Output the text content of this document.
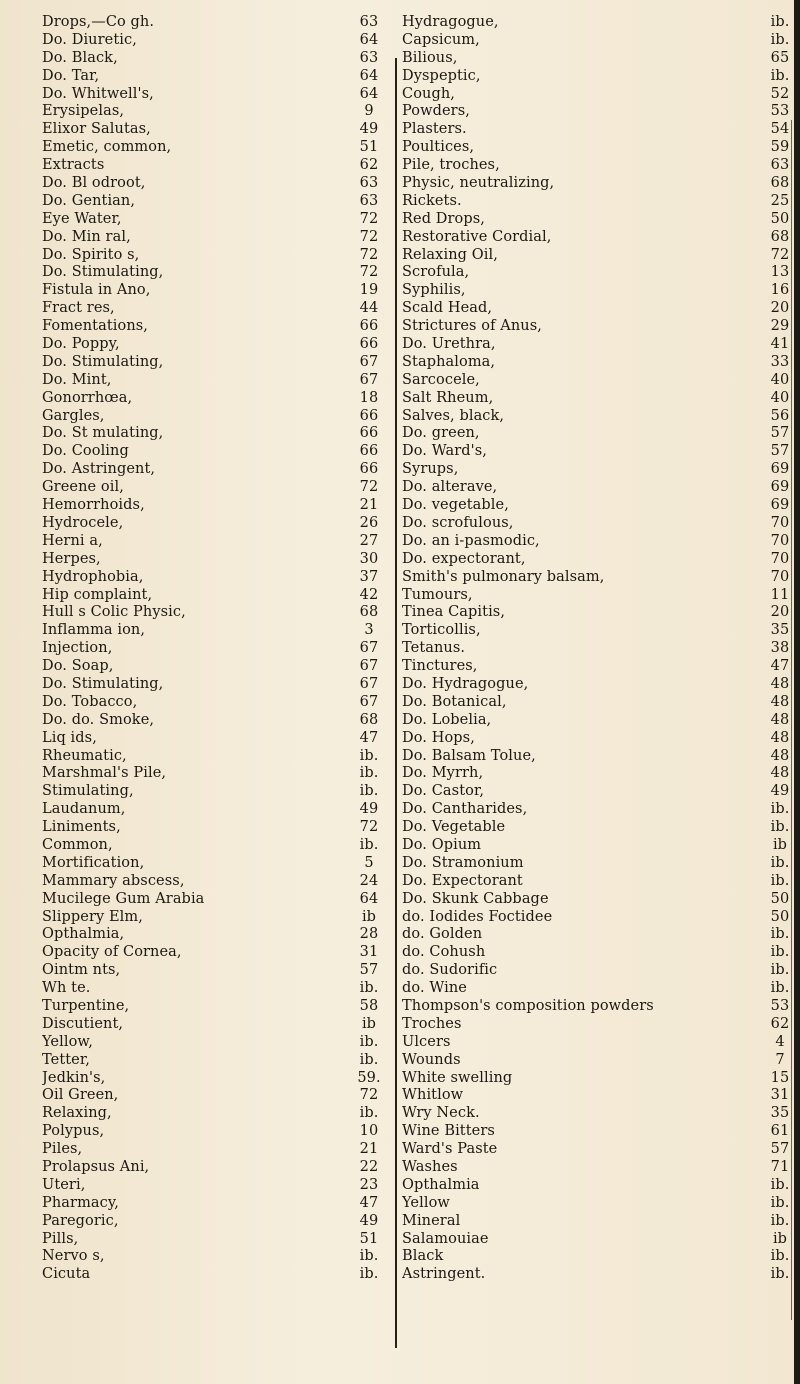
Drops,—Co gh.
Do. Diuretic,
Do. Black,
Do. Tar,
Do. Whitwell's,
Erysipelas,
Elixor Salutas,
Emetic, common,
Extracts
Do. Bl odroot,
Do. Gentian,
Eye Water,
Do. Min ral,
Do. Spirito s,
Do. Stimulating,
Fistula in Ano,
Fract res,
Fomentations,
Do. Poppy,
Do. Stimulating,
Do. Mint,
Gonorrhœa,
Gargles,
Do. St mulating,
Do. Cooling
Do. Astringent,
Greene oil,
Hemorrhoids,
Hydrocele,
Herni a,
Herpes,
Hydrophobia,
Hip complaint,
Hull s Colic Physic,
Inflamma ion,
Injection,
Do. Soap,
Do. Stimulating,
Do. Tobacco,
Do. do. Smoke,
Liq ids,
Rheumatic,
Marshmal's Pile,
Stimulating,
Laudanum,
Liniments,
Common,
Mortification,
Mammary abscess,
Mucilege Gum Arabia
Slippery Elm,
Opthalmia,
Opacity of Cornea,
Ointm nts,
Wh te.
Turpentine,
Discutient,
Yellow,
Tetter,
Jedkin's,
Oil Green,
Relaxing,
Polypus,
Piles,
Prolapsus Ani,
Uteri,
Pharmacy,
Paregoric,
Pills,
Nervo s,
Cicuta
63
64
63
64
64
9
49
51
62
63
63
72
72
72
72
19
44
66
66
67
67
18
66
66
66
66
72
21
26
27
30
37
42
68
3
67
67
67
67
68
47
ib.
ib.
ib.
49
72
ib.
5
24
64
ib
28
31
57
ib.
58
ib
ib.
ib.
59.
72
ib.
10
21
22
23
47
49
51
ib.
ib.
Hydragogue,
Capsicum,
Bilious,
Dyspeptic,
Cough,
Powders,
Plasters.
Poultices,
Pile, troches,
Physic, neutralizing,
Rickets.
Red Drops,
Restorative Cordial,
Relaxing Oil,
Scrofula,
Syphilis,
Scald Head,
Strictures of Anus,
Do. Urethra,
Staphaloma,
Sarcocele,
Salt Rheum,
Salves, black,
Do. green,
Do. Ward's,
Syrups,
Do. alterave,
Do. vegetable,
Do. scrofulous,
Do. an i-pasmodic,
Do. expectorant,
Smith's pulmonary balsam,
Tumours,
Tinea Capitis,
Torticollis,
Tetanus.
Tinctures,
Do. Hydragogue,
Do. Botanical,
Do. Lobelia,
Do. Hops,
Do. Balsam Tolue,
Do. Myrrh,
Do. Castor,
Do. Cantharides,
Do. Vegetable
Do. Opium
Do. Stramonium
Do. Expectorant
Do. Skunk Cabbage
do. Iodides Foctidee
do. Golden
do. Cohush
do. Sudorific
do. Wine
Thompson's composition powders
Troches
Ulcers
Wounds
White swelling
Whitlow
Wry Neck.
Wine Bitters
Ward's Paste
Washes
Opthalmia
Yellow
Mineral
Salamouiae
Black
Astringent.
ib.
ib.
65
ib.
52
53
54
59
63
68
25
50
68
72
13
16
20
29
41
33
40
40
56
57
57
69
69
69
70
70
70
70
11
20
35
38
47
48
48
48
48
48
48
49
ib.
ib.
ib
ib.
ib.
50
50
ib.
ib.
ib.
ib.
53
62
4
7
15
31
35
61
57
71
ib.
ib.
ib.
ib
ib.
ib.
